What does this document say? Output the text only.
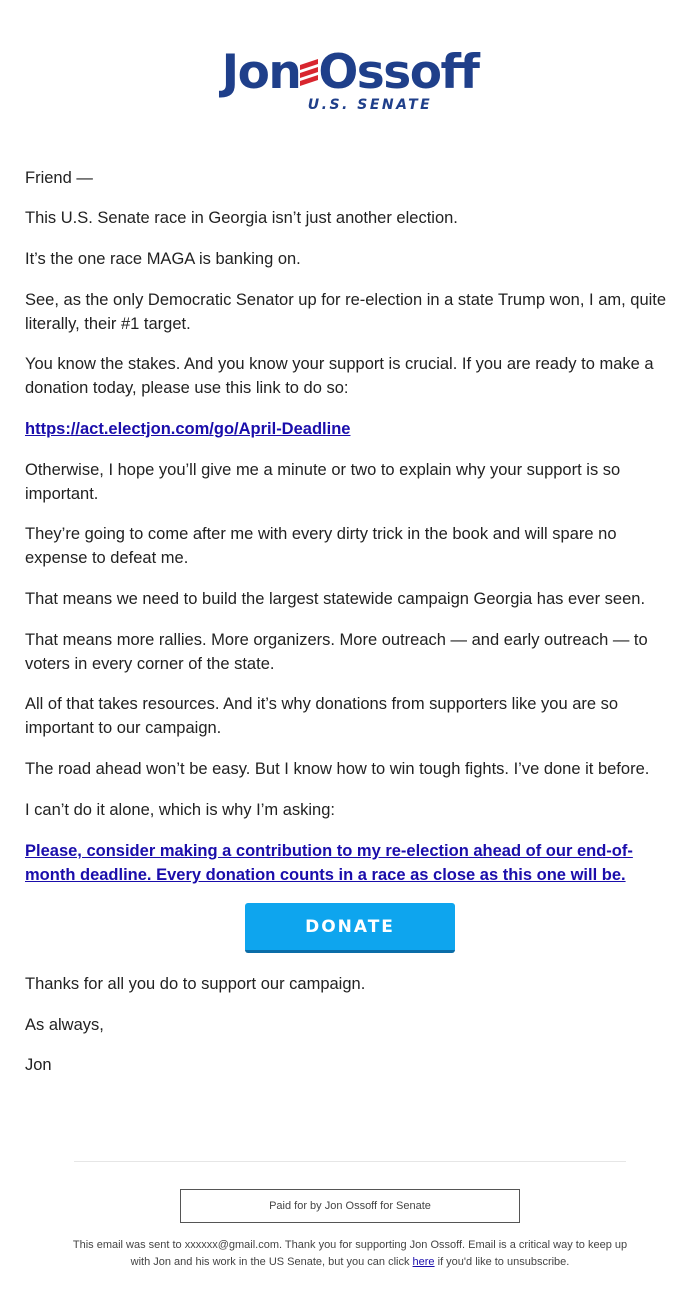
Jon Ossoff
U.S. SENATE

Friend —

This U.S. Senate race in Georgia isn’t just another election.

It’s the one race MAGA is banking on.

See, as the only Democratic Senator up for re-election in a state Trump won, I am, quite literally, their #1 target.

You know the stakes. And you know your support is crucial. If you are ready to make a donation today, please use this link to do so:

https://act.electjon.com/go/April-Deadline

Otherwise, I hope you’ll give me a minute or two to explain why your support is so important.

They’re going to come after me with every dirty trick in the book and will spare no expense to defeat me.

That means we need to build the largest statewide campaign Georgia has ever seen.

That means more rallies. More organizers. More outreach — and early outreach — to voters in every corner of the state.

All of that takes resources. And it’s why donations from supporters like you are so important to our campaign.

The road ahead won’t be easy. But I know how to win tough fights. I’ve done it before.

I can’t do it alone, which is why I’m asking:

Please, consider making a contribution to my re-election ahead of our end-of-month deadline. Every donation counts in a race as close as this one will be.

DONATE

Thanks for all you do to support our campaign.

As always,

Jon

Paid for by Jon Ossoff for Senate
This email was sent to xxxxxx@gmail.com. Thank you for supporting Jon Ossoff. Email is a critical way to keep up with Jon and his work in the US Senate, but you can click here if you'd like to unsubscribe.
